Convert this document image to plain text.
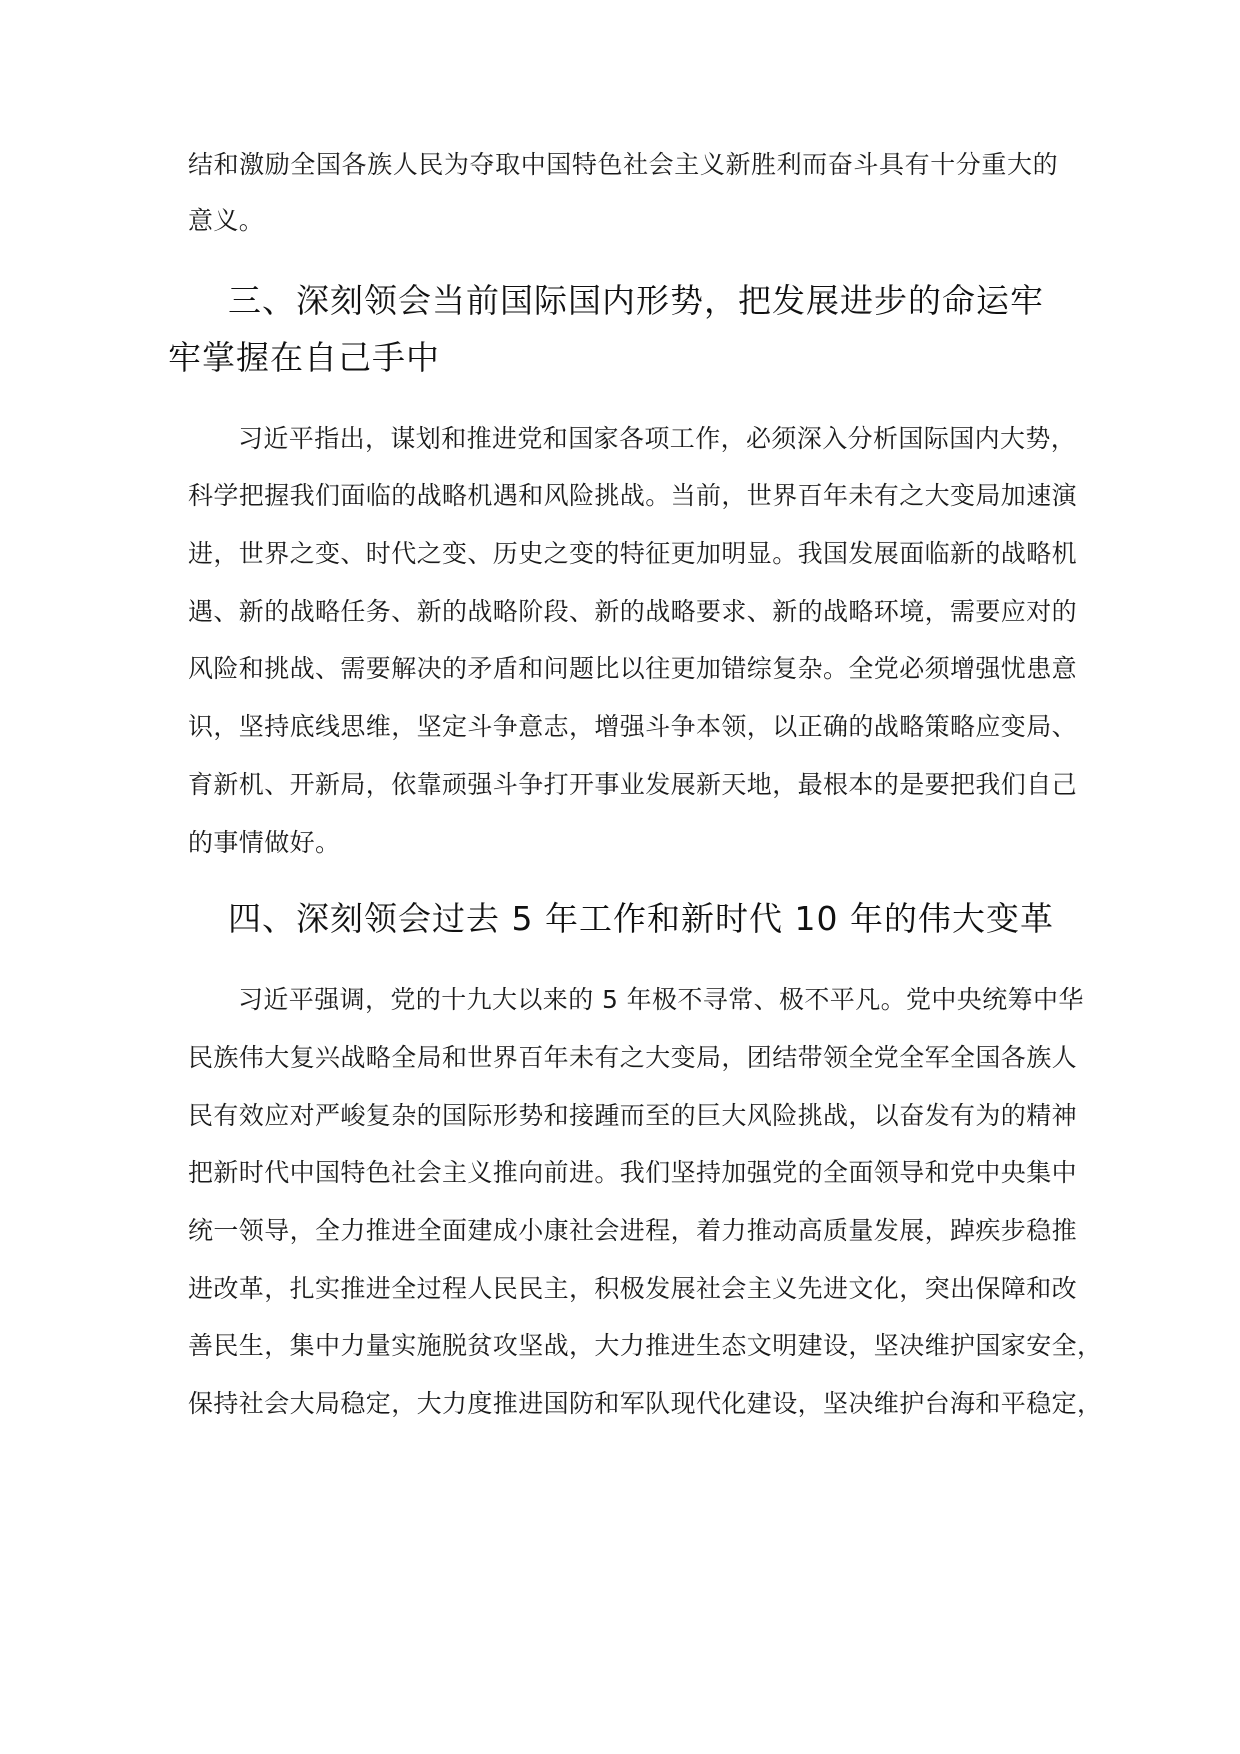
结和激励全国各族人民为夺取中国特色社会主义新胜利而奋斗具有十分重大的
意义。
三、深刻领会当前国际国内形势，把发展进步的命运牢
牢掌握在自己手中
习近平指出，谋划和推进党和国家各项工作，必须深入分析国际国内大势，
科学把握我们面临的战略机遇和风险挑战。当前，世界百年未有之大变局加速演
进，世界之变、时代之变、历史之变的特征更加明显。我国发展面临新的战略机
遇、新的战略任务、新的战略阶段、新的战略要求、新的战略环境，需要应对的
风险和挑战、需要解决的矛盾和问题比以往更加错综复杂。全党必须增强忧患意
识，坚持底线思维，坚定斗争意志，增强斗争本领，以正确的战略策略应变局、
育新机、开新局，依靠顽强斗争打开事业发展新天地，最根本的是要把我们自己
的事情做好。
四、深刻领会过去 5 年工作和新时代 10 年的伟大变革
习近平强调，党的十九大以来的 5 年极不寻常、极不平凡。党中央统筹中华
民族伟大复兴战略全局和世界百年未有之大变局，团结带领全党全军全国各族人
民有效应对严峻复杂的国际形势和接踵而至的巨大风险挑战，以奋发有为的精神
把新时代中国特色社会主义推向前进。我们坚持加强党的全面领导和党中央集中
统一领导，全力推进全面建成小康社会进程，着力推动高质量发展，踔疾步稳推
进改革，扎实推进全过程人民民主，积极发展社会主义先进文化，突出保障和改
善民生，集中力量实施脱贫攻坚战，大力推进生态文明建设，坚决维护国家安全，
保持社会大局稳定，大力度推进国防和军队现代化建设，坚决维护台海和平稳定，
